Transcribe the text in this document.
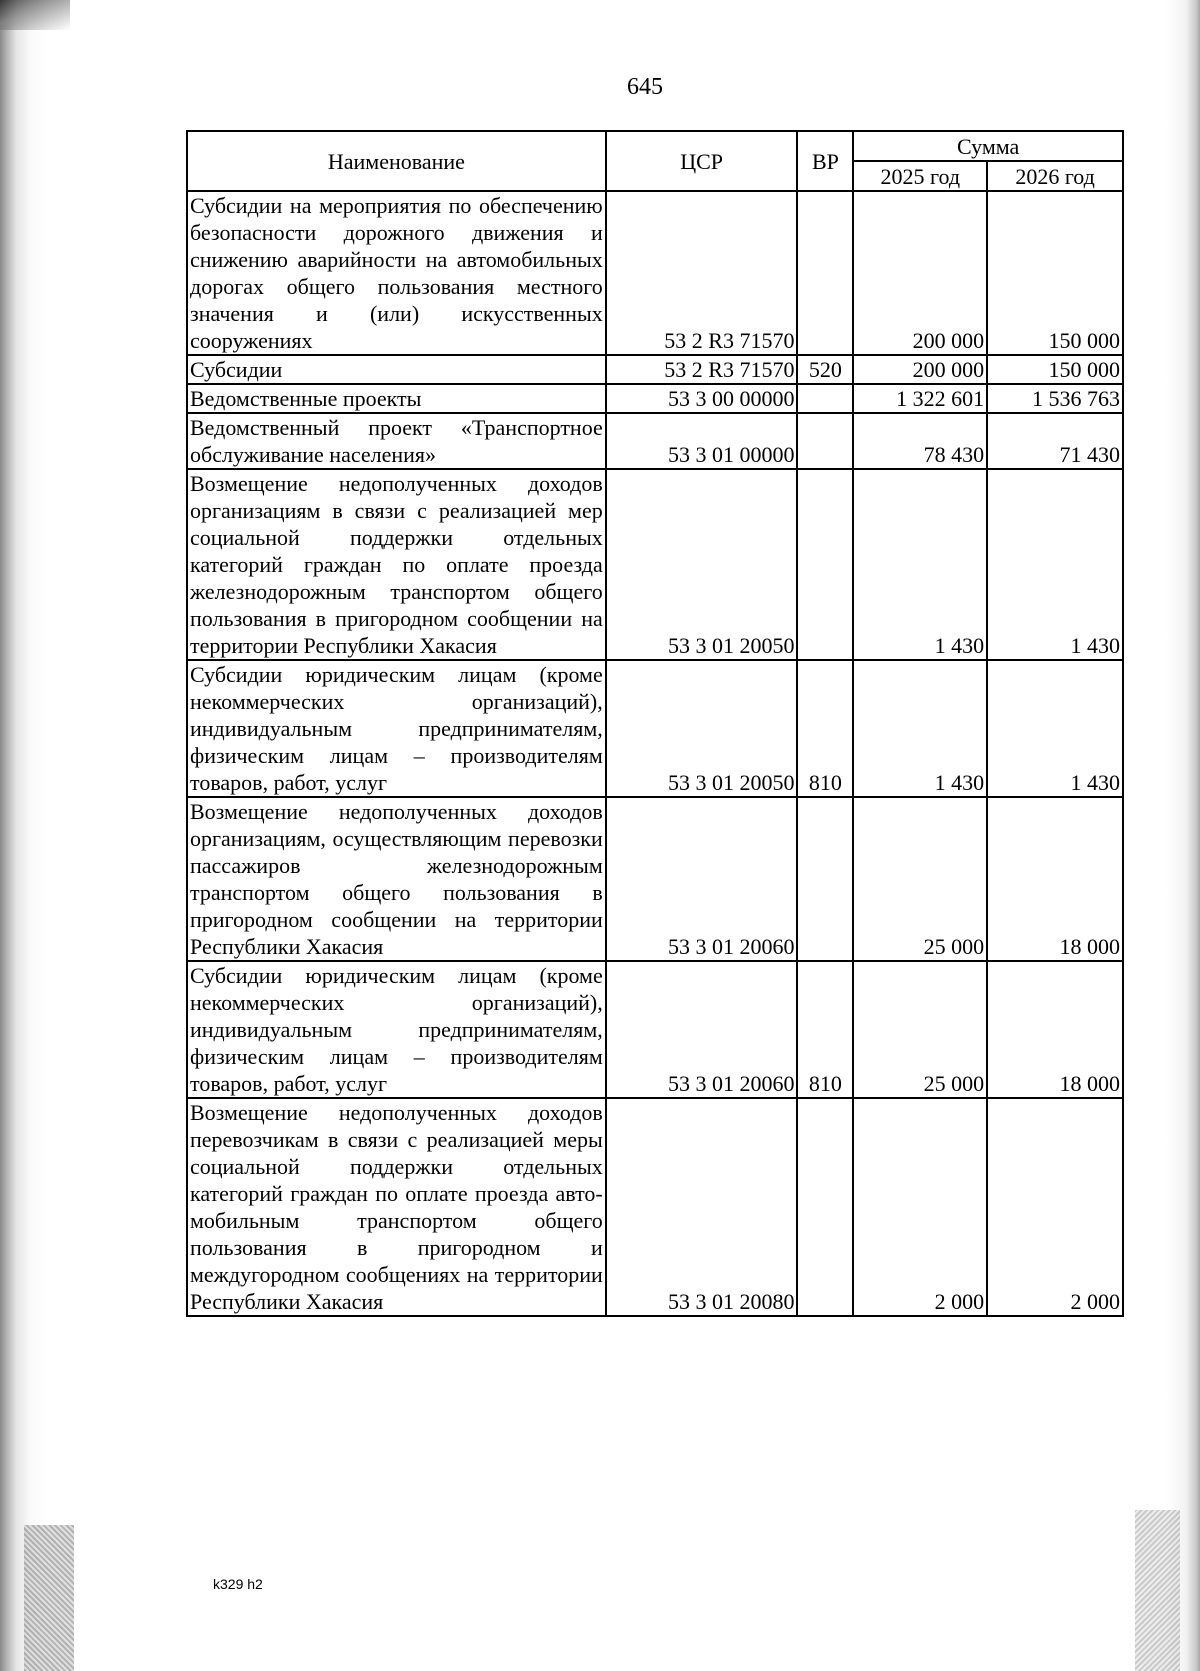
645
Наименование	ЦСР	ВР	Сумма	
			2025 год	2026 год
Субсидии на мероприятия по обеспечению безопасности дорожного движения и снижению аварийности на автомобильных дорогах общего пользования местного значения и (или) искусственных сооружениях	53 2 R3 71570		200 000	150 000
Субсидии	53 2 R3 71570	520	200 000	150 000
Ведомственные проекты	53 3 00 00000		1 322 601	1 536 763
Ведомственный проект «Транспортное обслуживание населения»	53 3 01 00000		78 430	71 430
Возмещение недополученных доходов организациям в связи с реализацией мер социальной поддержки отдельных категорий граждан по оплате проезда железнодорожным транспортом общего пользования в пригородном сообщении на территории Республики Хакасия	53 3 01 20050		1 430	1 430
Субсидии юридическим лицам (кроме некоммерческих организаций), индивидуальным предпринимателям, физическим лицам – производителям товаров, работ, услуг	53 3 01 20050	810	1 430	1 430
Возмещение недополученных доходов организациям, осуществляющим перевозки пассажиров железнодорожным транспортом общего пользования в пригородном сообщении на территории Республики Хакасия	53 3 01 20060		25 000	18 000
Субсидии юридическим лицам (кроме некоммерческих организаций), индивидуальным предпринимателям, физическим лицам – производителям товаров, работ, услуг	53 3 01 20060	810	25 000	18 000
Возмещение недополученных доходов перевозчикам в связи с реализацией меры социальной поддержки отдельных категорий граждан по оплате проезда автомобильным транспортом общего пользования в пригородном и междугородном сообщениях на территории Республики Хакасия	53 3 01 20080		2 000	2 000
k329 h2
